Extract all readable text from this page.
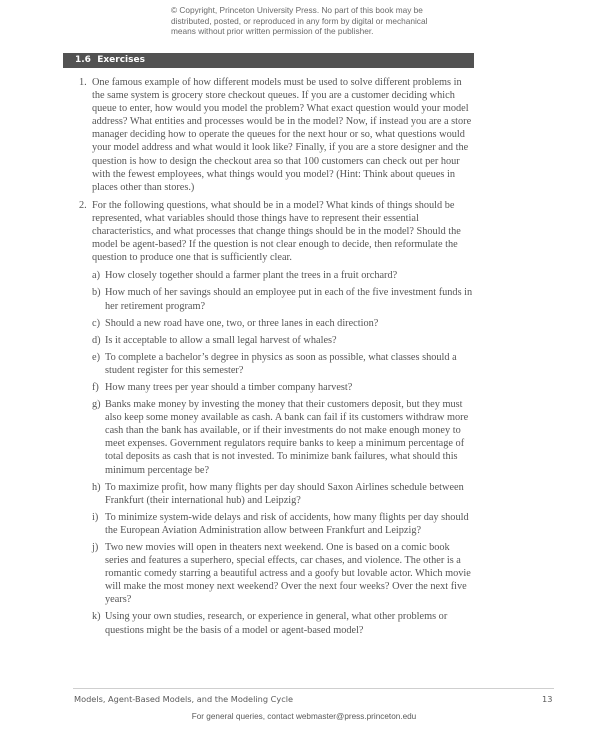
© Copyright, Princeton University Press. No part of this book may be distributed, posted, or reproduced in any form by digital or mechanical means without prior written permission of the publisher.
1.6  Exercises
1. One famous example of how different models must be used to solve different problems in the same system is grocery store checkout queues. If you are a customer deciding which queue to enter, how would you model the problem? What exact question would your model address? What entities and processes would be in the model? Now, if instead you are a store manager deciding how to operate the queues for the next hour or so, what questions would your model address and what would it look like? Finally, if you are a store designer and the question is how to design the checkout area so that 100 customers can check out per hour with the fewest employees, what things would you model? (Hint: Think about queues in places other than stores.)
2. For the following questions, what should be in a model? What kinds of things should be represented, what variables should those things have to represent their essential characteristics, and what processes that change things should be in the model? Should the model be agent-based? If the question is not clear enough to decide, then reformulate the question to produce one that is sufficiently clear.
a) How closely together should a farmer plant the trees in a fruit orchard?
b) How much of her savings should an employee put in each of the five investment funds in her retirement program?
c) Should a new road have one, two, or three lanes in each direction?
d) Is it acceptable to allow a small legal harvest of whales?
e) To complete a bachelor’s degree in physics as soon as possible, what classes should a student register for this semester?
f) How many trees per year should a timber company harvest?
g) Banks make money by investing the money that their customers deposit, but they must also keep some money available as cash. A bank can fail if its customers withdraw more cash than the bank has available, or if their investments do not make enough money to meet expenses. Government regulators require banks to keep a minimum percentage of total deposits as cash that is not invested. To minimize bank failures, what should this minimum percentage be?
h) To maximize profit, how many flights per day should Saxon Airlines schedule between Frankfurt (their international hub) and Leipzig?
i) To minimize system-wide delays and risk of accidents, how many flights per day should the European Aviation Administration allow between Frankfurt and Leipzig?
j) Two new movies will open in theaters next weekend. One is based on a comic book series and features a superhero, special effects, car chases, and violence. The other is a romantic comedy starring a beautiful actress and a goofy but lovable actor. Which movie will make the most money next weekend? Over the next four weeks? Over the next five years?
k) Using your own studies, research, or experience in general, what other problems or questions might be the basis of a model or agent-based model?
Models, Agent-Based Models, and the Modeling Cycle	13
For general queries, contact webmaster@press.princeton.edu
